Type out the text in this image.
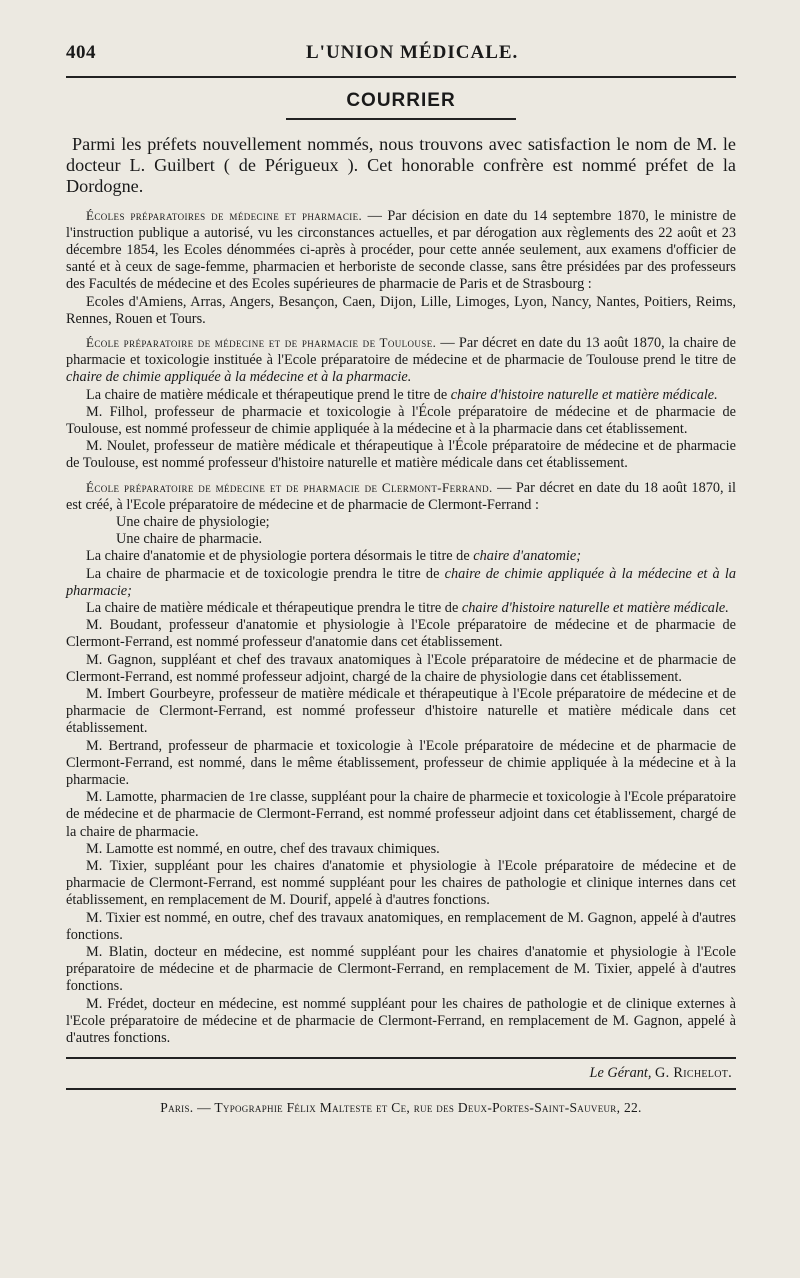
404	L'UNION MÉDICALE.
COURRIER

Parmi les préfets nouvellement nommés, nous trouvons avec satisfaction le nom de M. le docteur L. Guilbert ( de Périgueux ). Cet honorable confrère est nommé préfet de la Dordogne.

Écoles préparatoires de médecine et pharmacie. — Par décision en date du 14 septembre 1870, le ministre de l'instruction publique a autorisé, vu les circonstances actuelles, et par dérogation aux règlements des 22 août et 23 décembre 1854, les Ecoles dénommées ci-après à procéder, pour cette année seulement, aux examens d'officier de santé et à ceux de sage-femme, pharmacien et herboriste de seconde classe, sans être présidées par des professeurs des Facultés de médecine et des Ecoles supérieures de pharmacie de Paris et de Strasbourg :

Ecoles d'Amiens, Arras, Angers, Besançon, Caen, Dijon, Lille, Limoges, Lyon, Nancy, Nantes, Poitiers, Reims, Rennes, Rouen et Tours.

École préparatoire de médecine et de pharmacie de Toulouse. — Par décret en date du 13 août 1870, la chaire de pharmacie et toxicologie instituée à l'Ecole préparatoire de médecine et de pharmacie de Toulouse prend le titre de chaire de chimie appliquée à la médecine et à la pharmacie.

La chaire de matière médicale et thérapeutique prend le titre de chaire d'histoire naturelle et matière médicale.

M. Filhol, professeur de pharmacie et toxicologie à l'École préparatoire de médecine et de pharmacie de Toulouse, est nommé professeur de chimie appliquée à la médecine et à la pharmacie dans cet établissement.

M. Noulet, professeur de matière médicale et thérapeutique à l'École préparatoire de médecine et de pharmacie de Toulouse, est nommé professeur d'histoire naturelle et matière médicale dans cet établissement.

École préparatoire de médecine et de pharmacie de Clermont-Ferrand. — Par décret en date du 18 août 1870, il est créé, à l'Ecole préparatoire de médecine et de pharmacie de Clermont-Ferrand :

Une chaire de physiologie;
Une chaire de pharmacie.

La chaire d'anatomie et de physiologie portera désormais le titre de chaire d'anatomie;

La chaire de pharmacie et de toxicologie prendra le titre de chaire de chimie appliquée à la médecine et à la pharmacie;

La chaire de matière médicale et thérapeutique prendra le titre de chaire d'histoire naturelle et matière médicale.

M. Boudant, professeur d'anatomie et physiologie à l'Ecole préparatoire de médecine et de pharmacie de Clermont-Ferrand, est nommé professeur d'anatomie dans cet établissement.

M. Gagnon, suppléant et chef des travaux anatomiques à l'Ecole préparatoire de médecine et de pharmacie de Clermont-Ferrand, est nommé professeur adjoint, chargé de la chaire de physiologie dans cet établissement.

M. Imbert Gourbeyre, professeur de matière médicale et thérapeutique à l'Ecole préparatoire de médecine et de pharmacie de Clermont-Ferrand, est nommé professeur d'histoire naturelle et matière médicale dans cet établissement.

M. Bertrand, professeur de pharmacie et toxicologie à l'Ecole préparatoire de médecine et de pharmacie de Clermont-Ferrand, est nommé, dans le même établissement, professeur de chimie appliquée à la médecine et à la pharmacie.

M. Lamotte, pharmacien de 1re classe, suppléant pour la chaire de pharmecie et toxicologie à l'Ecole préparatoire de médecine et de pharmacie de Clermont-Ferrand, est nommé professeur adjoint dans cet établissement, chargé de la chaire de pharmacie.

M. Lamotte est nommé, en outre, chef des travaux chimiques.

M. Tixier, suppléant pour les chaires d'anatomie et physiologie à l'Ecole préparatoire de médecine et de pharmacie de Clermont-Ferrand, est nommé suppléant pour les chaires de pathologie et clinique internes dans cet établissement, en remplacement de M. Dourif, appelé à d'autres fonctions.

M. Tixier est nommé, en outre, chef des travaux anatomiques, en remplacement de M. Gagnon, appelé à d'autres fonctions.

M. Blatin, docteur en médecine, est nommé suppléant pour les chaires d'anatomie et physiologie à l'Ecole préparatoire de médecine et de pharmacie de Clermont-Ferrand, en remplacement de M. Tixier, appelé à d'autres fonctions.

M. Frédet, docteur en médecine, est nommé suppléant pour les chaires de pathologie et de clinique externes à l'Ecole préparatoire de médecine et de pharmacie de Clermont-Ferrand, en remplacement de M. Gagnon, appelé à d'autres fonctions.

Le Gérant, G. Richelot.
Paris. — Typographie Félix Malteste et Ce, rue des Deux-Portes-Saint-Sauveur, 22.
